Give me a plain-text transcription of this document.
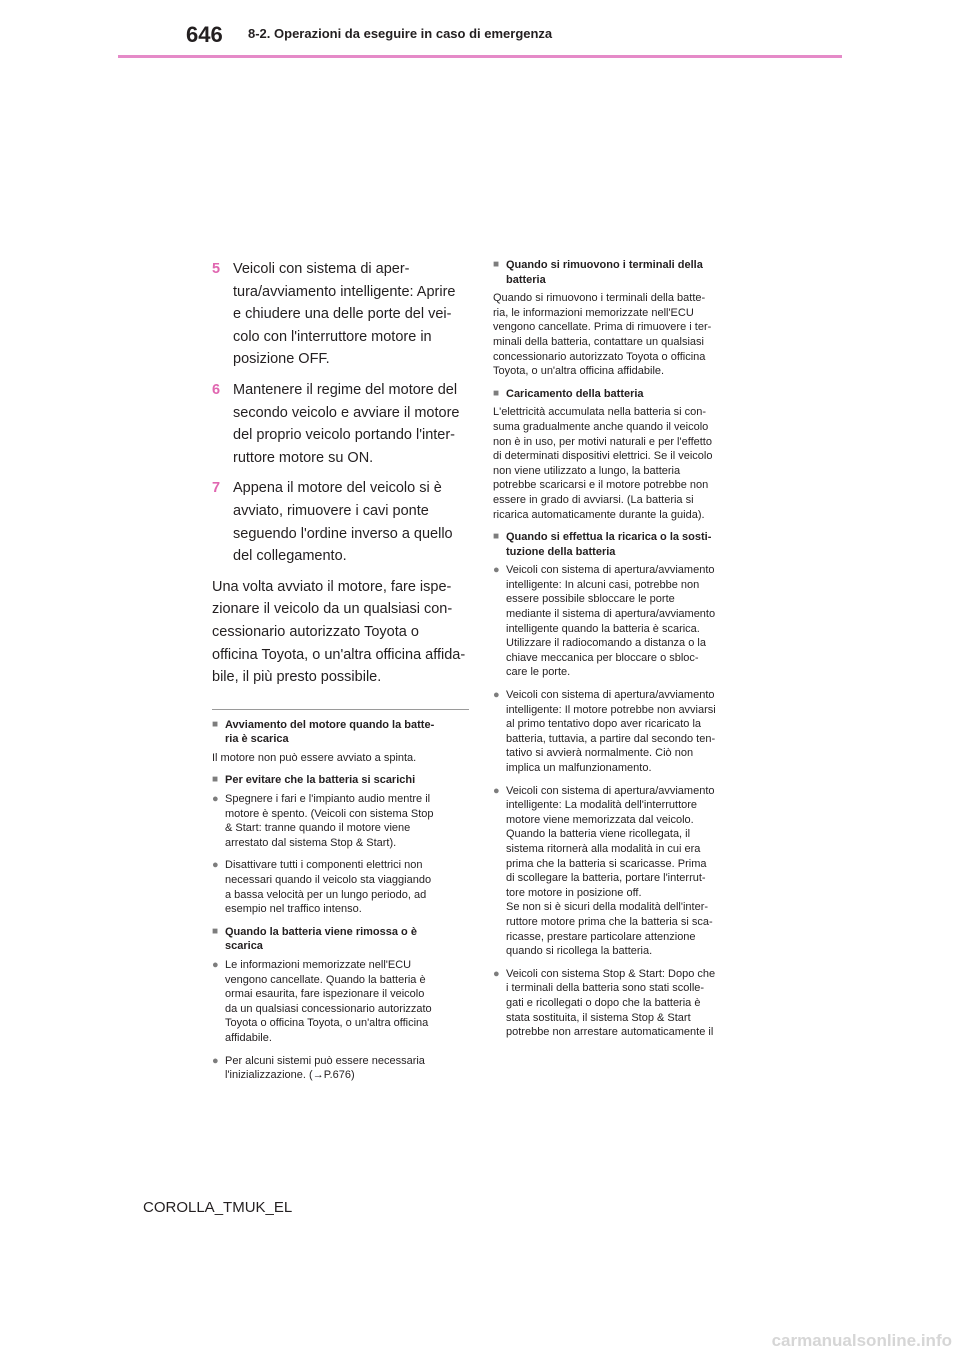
646 8-2. Operazioni da eseguire in caso di emergenza
5 Veicoli con sistema di aper-
tura/avviamento intelligente: Aprire
e chiudere una delle porte del vei-
colo con l'interruttore motore in
posizione OFF.
6 Mantenere il regime del motore del
secondo veicolo e avviare il motore
del proprio veicolo portando l'inter-
ruttore motore su ON.
7 Appena il motore del veicolo si è
avviato, rimuovere i cavi ponte
seguendo l'ordine inverso a quello
del collegamento.
Una volta avviato il motore, fare ispe-
zionare il veicolo da un qualsiasi con-
cessionario autorizzato Toyota o
officina Toyota, o un'altra officina affida-
bile, il più presto possibile.
■ Avviamento del motore quando la batte-
ria è scarica

Il motore non può essere avviato a spinta.

■ Per evitare che la batteria si scarichi
● Spegnere i fari e l'impianto audio mentre il
motore è spento. (Veicoli con sistema Stop
& Start: tranne quando il motore viene
arrestato dal sistema Stop & Start).
● Disattivare tutti i componenti elettrici non
necessari quando il veicolo sta viaggiando
a bassa velocità per un lungo periodo, ad
esempio nel traffico intenso.
■ Quando la batteria viene rimossa o è
scarica
● Le informazioni memorizzate nell'ECU
vengono cancellate. Quando la batteria è
ormai esaurita, fare ispezionare il veicolo
da un qualsiasi concessionario autorizzato
Toyota o officina Toyota, o un'altra officina
affidabile.
● Per alcuni sistemi può essere necessaria
l'inizializzazione. (→P.676)
■ Quando si rimuovono i terminali della
batteria
Quando si rimuovono i terminali della batte-
ria, le informazioni memorizzate nell'ECU
vengono cancellate. Prima di rimuovere i ter-
minali della batteria, contattare un qualsiasi
concessionario autorizzato Toyota o officina
Toyota, o un'altra officina affidabile.
■ Caricamento della batteria
L'elettricità accumulata nella batteria si con-
suma gradualmente anche quando il veicolo
non è in uso, per motivi naturali e per l'effetto
di determinati dispositivi elettrici. Se il veicolo
non viene utilizzato a lungo, la batteria
potrebbe scaricarsi e il motore potrebbe non
essere in grado di avviarsi. (La batteria si
ricarica automaticamente durante la guida).
■ Quando si effettua la ricarica o la sosti-
tuzione della batteria
● Veicoli con sistema di apertura/avviamento
intelligente: In alcuni casi, potrebbe non
essere possibile sbloccare le porte
mediante il sistema di apertura/avviamento
intelligente quando la batteria è scarica.
Utilizzare il radiocomando a distanza o la
chiave meccanica per bloccare o sbloc-
care le porte.
● Veicoli con sistema di apertura/avviamento
intelligente: Il motore potrebbe non avviarsi
al primo tentativo dopo aver ricaricato la
batteria, tuttavia, a partire dal secondo ten-
tativo si avvierà normalmente. Ciò non
implica un malfunzionamento.
● Veicoli con sistema di apertura/avviamento
intelligente: La modalità dell'interruttore
motore viene memorizzata dal veicolo.
Quando la batteria viene ricollegata, il
sistema ritornerà alla modalità in cui era
prima che la batteria si scaricasse. Prima
di scollegare la batteria, portare l'interrut-
tore motore in posizione off.
Se non si è sicuri della modalità dell'inter-
ruttore motore prima che la batteria si sca-
ricasse, prestare particolare attenzione
quando si ricollega la batteria.
● Veicoli con sistema Stop & Start: Dopo che
i terminali della batteria sono stati scolle-
gati e ricollegati o dopo che la batteria è
stata sostituita, il sistema Stop & Start
potrebbe non arrestare automaticamente il
COROLLA_TMUK_EL
carmanualsonline.info
